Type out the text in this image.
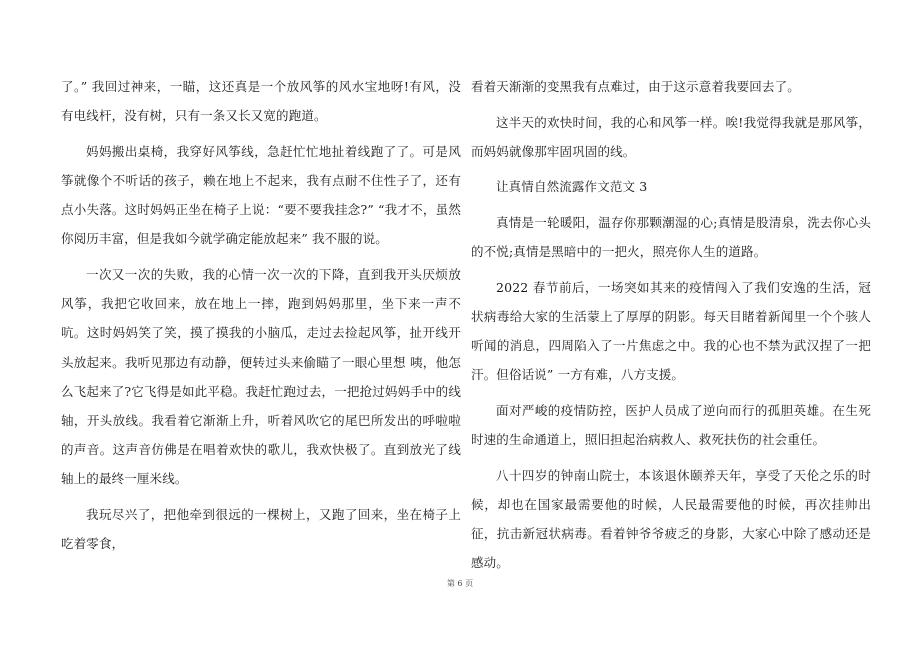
了。” 我回过神来，一瞄，这还真是一个放风筝的风水宝地呀!有风，没有电线杆，没有树，只有一条又长又宽的跑道。

妈妈搬出桌椅，我穿好风筝线，急赶忙忙地扯着线跑了了。可是风筝就像个不听话的孩子，赖在地上不起来，我有点耐不住性子了，还有点小失落。这时妈妈正坐在椅子上说：“要不要我挂念?” “我才不，虽然你阅历丰富，但是我如今就学确定能放起来” 我不服的说。

一次又一次的失败，我的心情一次一次的下降，直到我开头厌烦放风筝，我把它收回来，放在地上一摔，跑到妈妈那里，坐下来一声不吭。这时妈妈笑了笑，摸了摸我的小脑瓜，走过去捡起风筝，扯开线开头放起来。我听见那边有动静，便转过头来偷瞄了一眼心里想 咦，他怎么飞起来了?它飞得是如此平稳。我赶忙跑过去，一把抢过妈妈手中的线轴，开头放线。我看着它渐渐上升，听着风吹它的尾巴所发出的呼啦啦的声音。这声音仿佛是在唱着欢快的歌儿，我欢快极了。直到放光了线轴上的最终一厘米线。

我玩尽兴了，把他牵到很远的一棵树上，又跑了回来，坐在椅子上吃着零食，

看着天渐渐的变黑我有点难过，由于这示意着我要回去了。

这半天的欢快时间，我的心和风筝一样。唉!我觉得我就是那风筝，而妈妈就像那牢固巩固的线。

让真情自然流露作文范文 3

真情是一轮暖阳，温存你那颗潮湿的心;真情是股清泉，洗去你心头的不悦;真情是黑暗中的一把火，照亮你人生的道路。

2022 春节前后，一场突如其来的疫情闯入了我们安逸的生活，冠状病毒给大家的生活蒙上了厚厚的阴影。每天目睹着新闻里一个个骇人听闻的消息，四周陷入了一片焦虑之中。我的心也不禁为武汉捏了一把汗。但俗话说” 一方有难，八方支援。

面对严峻的疫情防控，医护人员成了逆向而行的孤胆英雄。在生死时速的生命通道上，照旧担起治病救人、救死扶伤的社会重任。

八十四岁的钟南山院士，本该退休颐养天年，享受了天伦之乐的时候，却也在国家最需要他的时候，人民最需要他的时候，再次挂帅出征，抗击新冠状病毒。看着钟爷爷疲乏的身影，大家心中除了感动还是感动。

第 6 页
